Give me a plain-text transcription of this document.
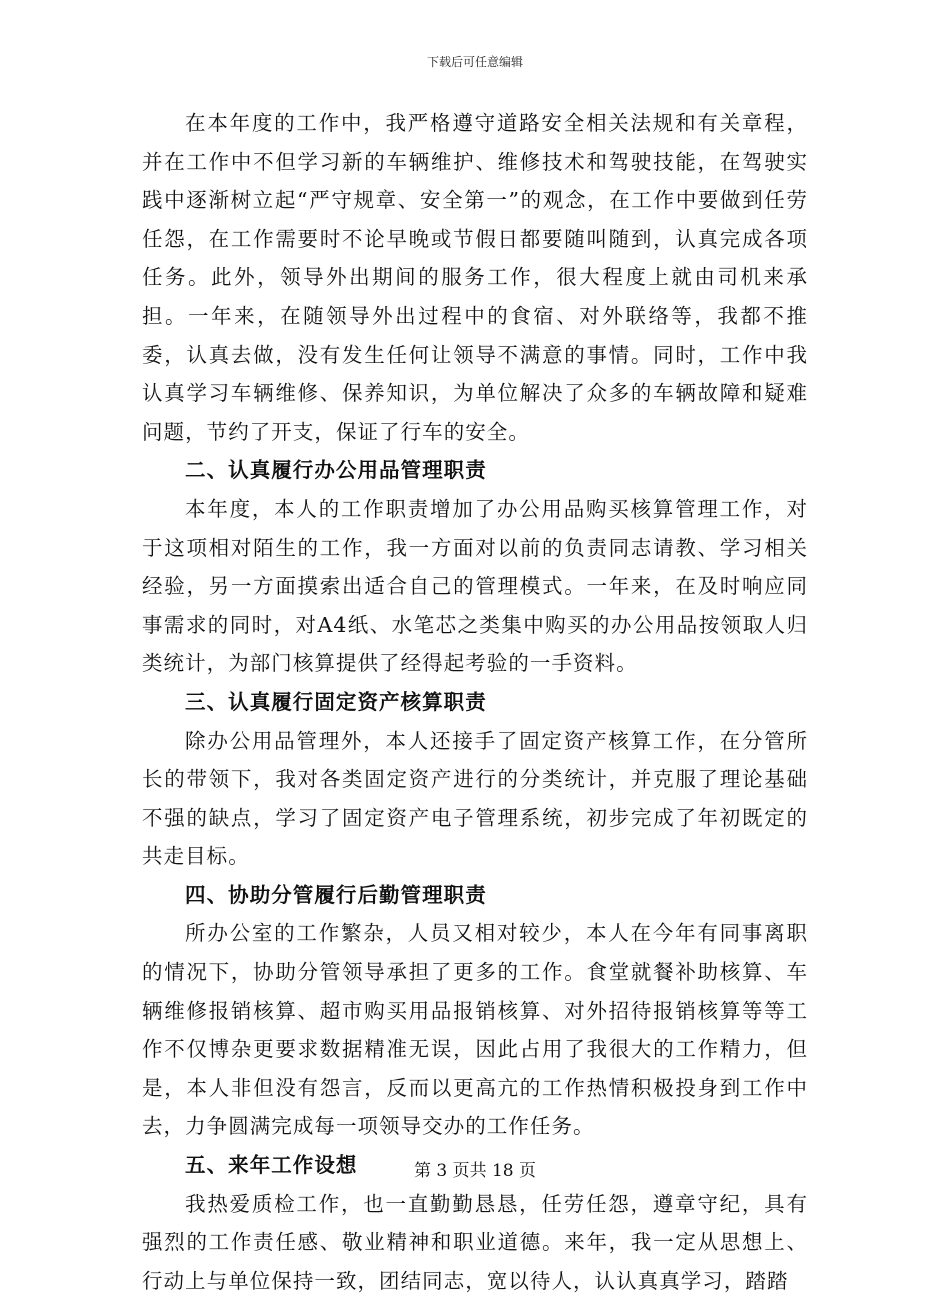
下载后可任意编辑

在本年度的工作中，我严格遵守道路安全相关法规和有关章程，并在工作中不但学习新的车辆维护、维修技术和驾驶技能，在驾驶实践中逐渐树立起“严守规章、安全第一”的观念，在工作中要做到任劳任怨，在工作需要时不论早晚或节假日都要随叫随到，认真完成各项任务。此外，领导外出期间的服务工作，很大程度上就由司机来承担。一年来，在随领导外出过程中的食宿、对外联络等，我都不推委，认真去做，没有发生任何让领导不满意的事情。同时，工作中我认真学习车辆维修、保养知识，为单位解决了众多的车辆故障和疑难问题，节约了开支，保证了行车的安全。

二、认真履行办公用品管理职责

本年度，本人的工作职责增加了办公用品购买核算管理工作，对于这项相对陌生的工作，我一方面对以前的负责同志请教、学习相关经验，另一方面摸索出适合自己的管理模式。一年来，在及时响应同事需求的同时，对A4纸、水笔芯之类集中购买的办公用品按领取人归类统计，为部门核算提供了经得起考验的一手资料。

三、认真履行固定资产核算职责

除办公用品管理外，本人还接手了固定资产核算工作，在分管所长的带领下，我对各类固定资产进行的分类统计，并克服了理论基础不强的缺点，学习了固定资产电子管理系统，初步完成了年初既定的共走目标。

四、协助分管履行后勤管理职责

所办公室的工作繁杂，人员又相对较少，本人在今年有同事离职的情况下，协助分管领导承担了更多的工作。食堂就餐补助核算、车辆维修报销核算、超市购买用品报销核算、对外招待报销核算等等工作不仅博杂更要求数据精准无误，因此占用了我很大的工作精力，但是，本人非但没有怨言，反而以更高亢的工作热情积极投身到工作中去，力争圆满完成每一项领导交办的工作任务。

五、来年工作设想

我热爱质检工作，也一直勤勤恳恳，任劳任怨，遵章守纪，具有强烈的工作责任感、敬业精神和职业道德。来年，我一定从思想上、行动上与单位保持一致，团结同志，宽以待人，认认真真学习，踏踏

第 3 页共 18 页
